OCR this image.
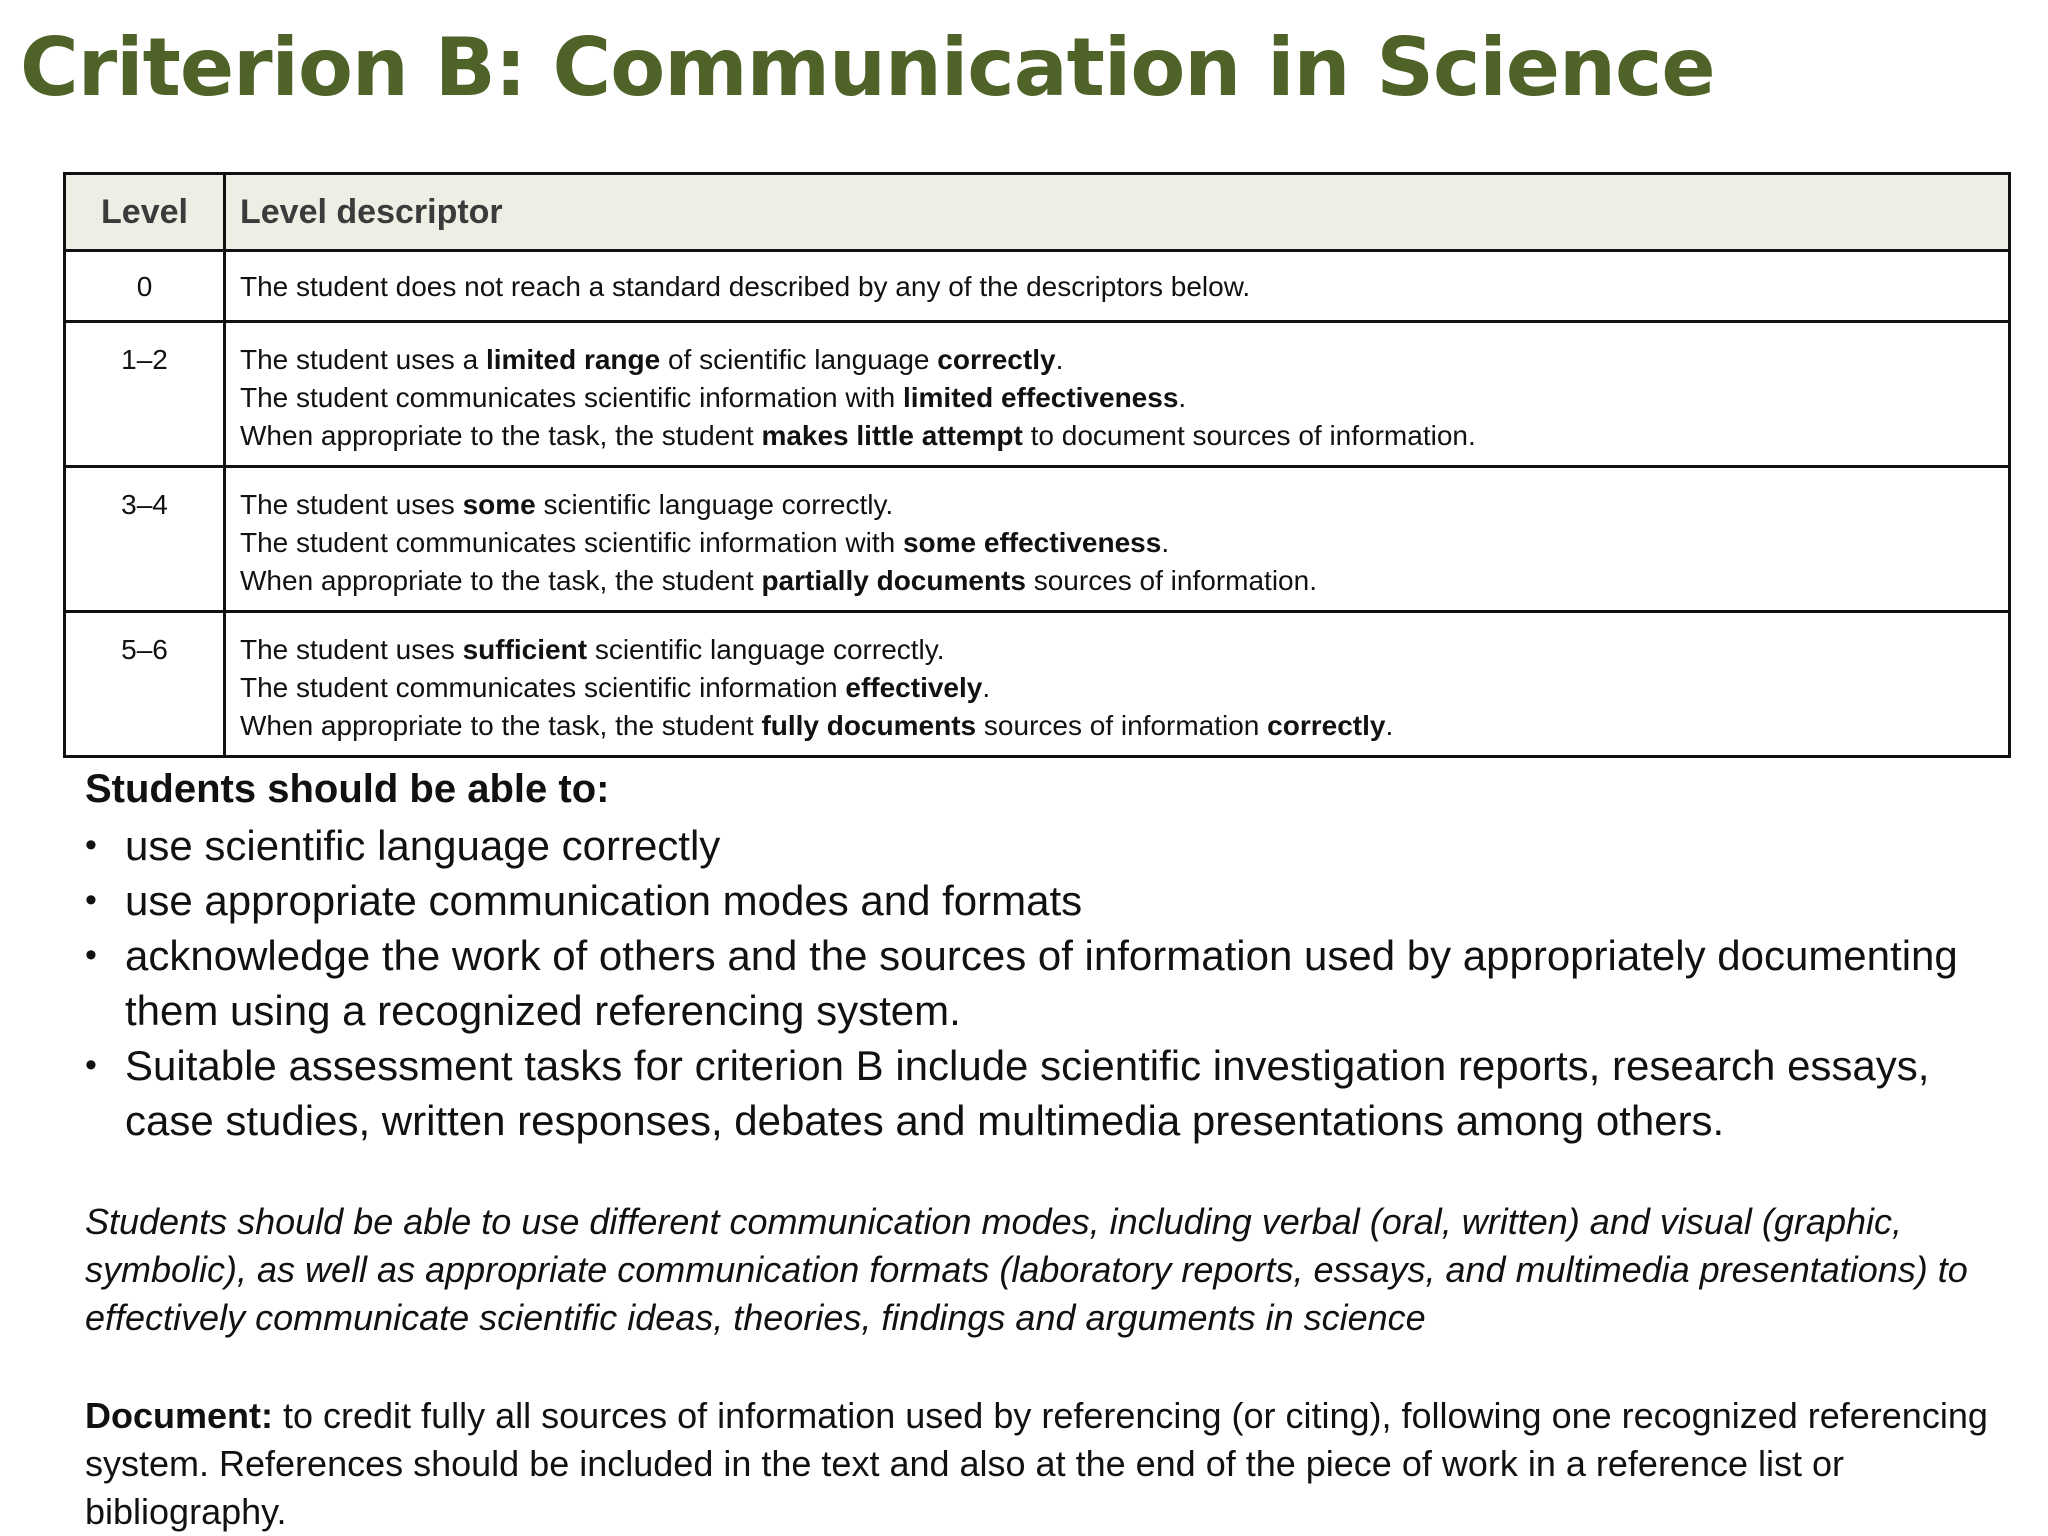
Criterion B: Communication in Science
Level	Level descriptor
0	The student does not reach a standard described by any of the descriptors below.

1–2	The student uses a limited range of scientific language correctly.
The student communicates scientific information with limited effectiveness.
When appropriate to the task, the student makes little attempt to document sources of information.

3–4	The student uses some scientific language correctly.
The student communicates scientific information with some effectiveness.
When appropriate to the task, the student partially documents sources of information.

5–6	The student uses sufficient scientific language correctly.
The student communicates scientific information effectively.
When appropriate to the task, the student fully documents sources of information correctly.

Students should be able to:

• use scientific language correctly
• use appropriate communication modes and formats
• acknowledge the work of others and the sources of information used by appropriately documenting them using a recognized referencing system.
• Suitable assessment tasks for criterion B include scientific investigation reports, research essays, case studies, written responses, debates and multimedia presentations among others.

Students should be able to use different communication modes, including verbal (oral, written) and visual (graphic, symbolic), as well as appropriate communication formats (laboratory reports, essays, and multimedia presentations) to effectively communicate scientific ideas, theories, findings and arguments in science

Document: to credit fully all sources of information used by referencing (or citing), following one recognized referencing system. References should be included in the text and also at the end of the piece of work in a reference list or bibliography.
